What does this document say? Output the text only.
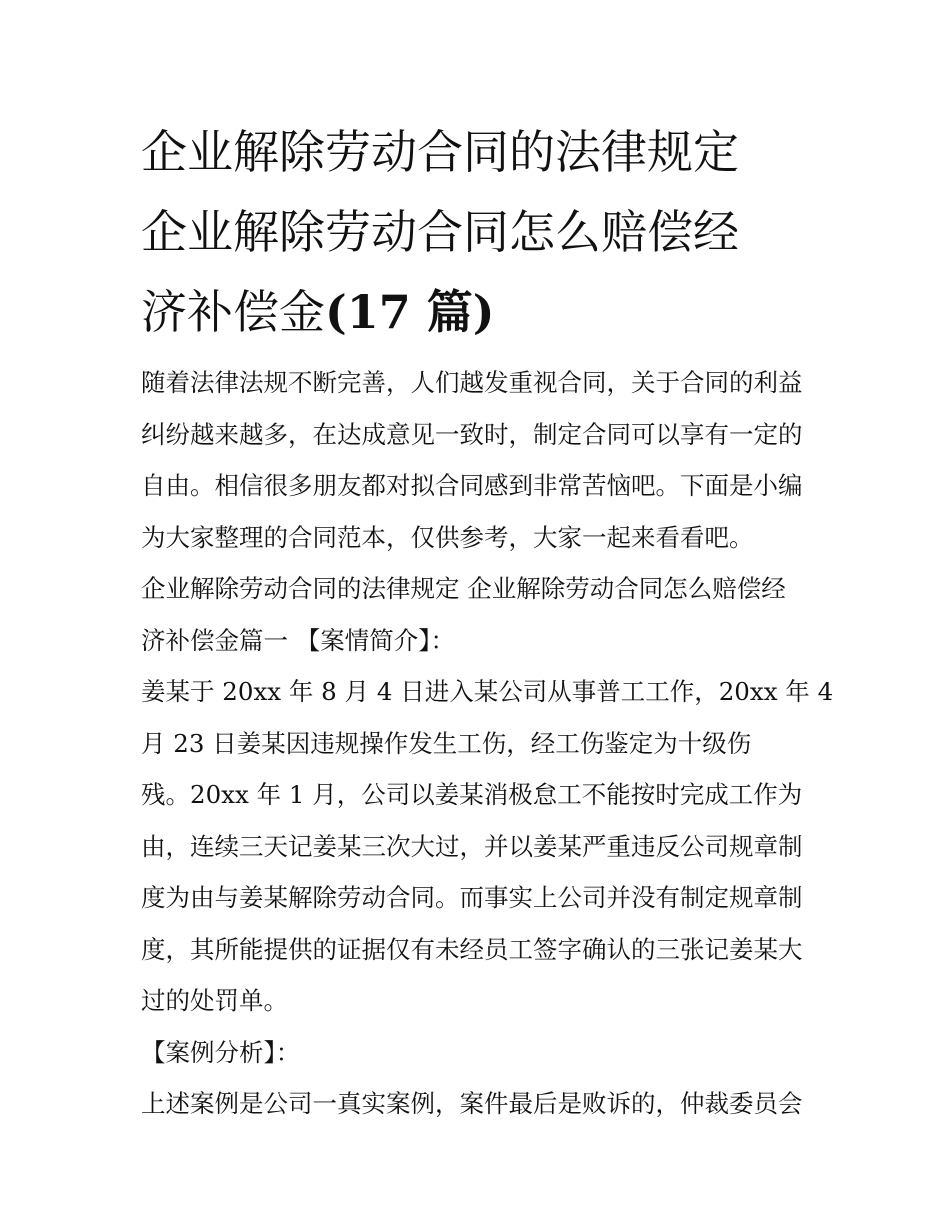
企业解除劳动合同的法律规定
企业解除劳动合同怎么赔偿经
济补偿金(17 篇)

随着法律法规不断完善，人们越发重视合同，关于合同的利益
纠纷越来越多，在达成意见一致时，制定合同可以享有一定的
自由。相信很多朋友都对拟合同感到非常苦恼吧。下面是小编
为大家整理的合同范本，仅供参考，大家一起来看看吧。

企业解除劳动合同的法律规定 企业解除劳动合同怎么赔偿经
济补偿金篇一 【案情简介】：

姜某于 20xx 年 8 月 4 日进入某公司从事普工工作，20xx 年 4
月 23 日姜某因违规操作发生工伤，经工伤鉴定为十级伤
残。20xx 年 1 月，公司以姜某消极怠工不能按时完成工作为
由，连续三天记姜某三次大过，并以姜某严重违反公司规章制
度为由与姜某解除劳动合同。而事实上公司并没有制定规章制
度，其所能提供的证据仅有未经员工签字确认的三张记姜某大
过的处罚单。

【案例分析】：

上述案例是公司一真实案例，案件最后是败诉的，仲裁委员会
